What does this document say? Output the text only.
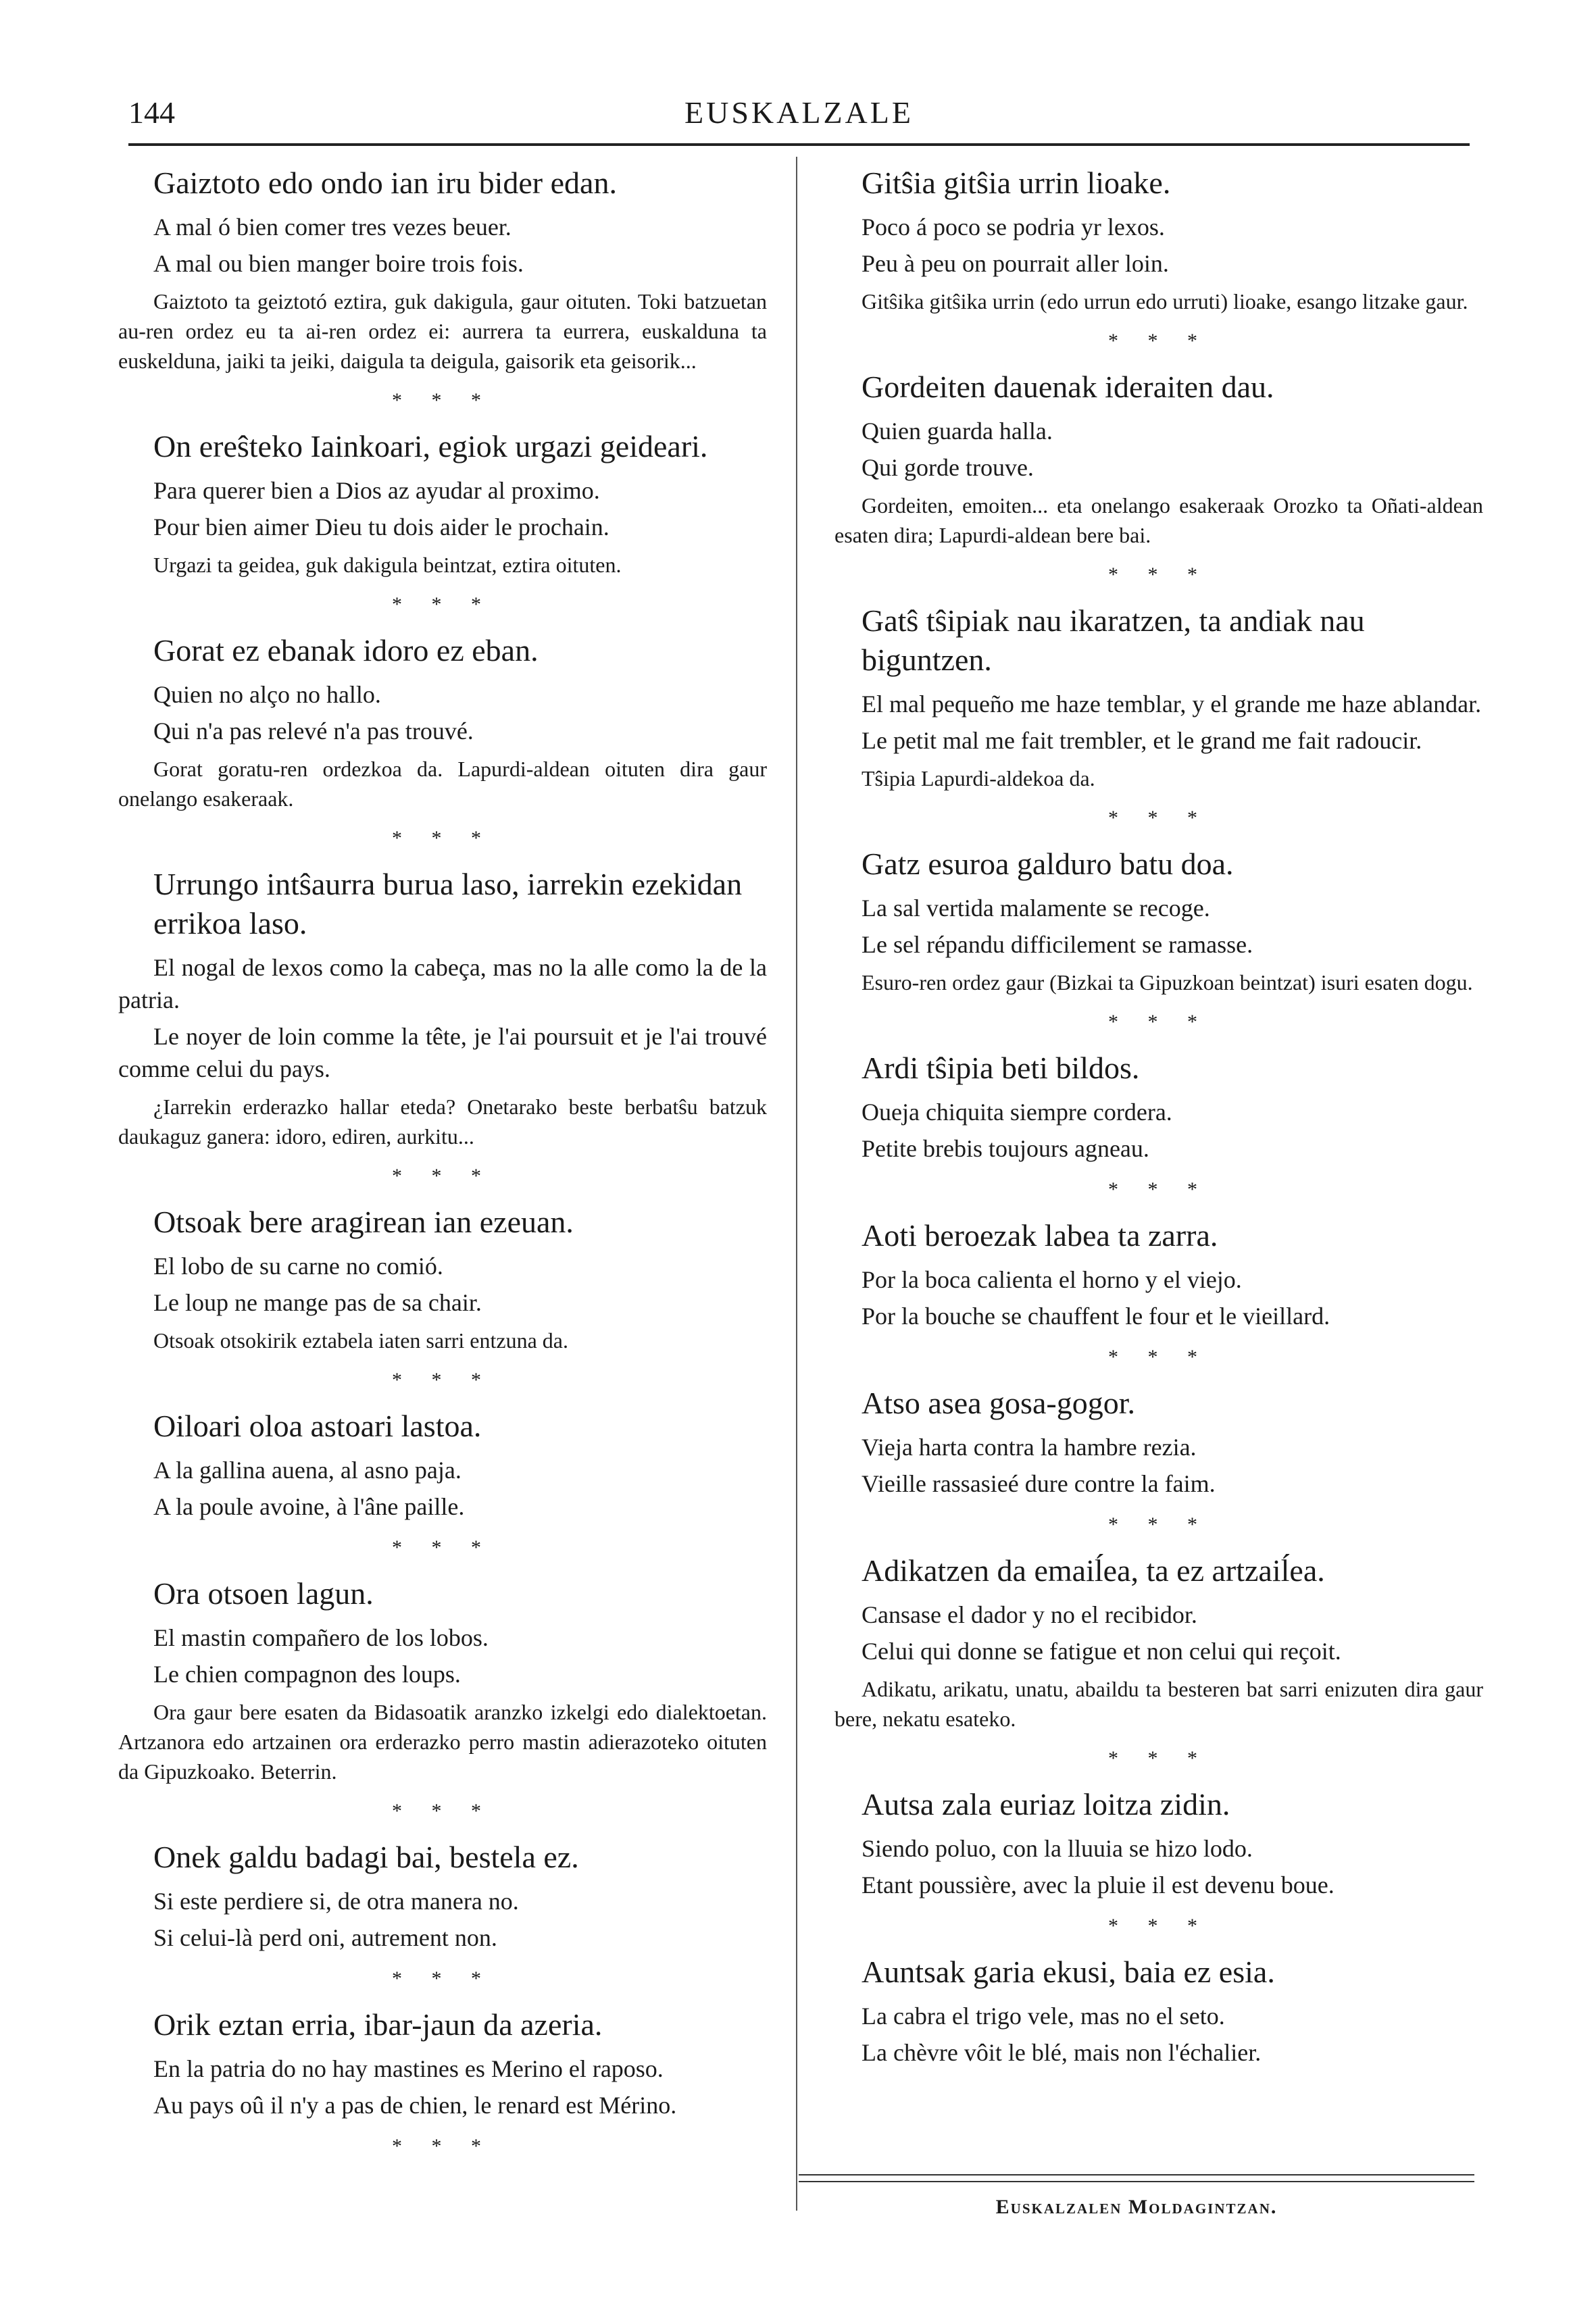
144	EUSKALZALE
Gaiztoto edo ondo ian iru bider edan.
A mal ó bien comer tres vezes beuer.
A mal ou bien manger boire trois fois.
Gaiztoto ta geiztotó eztira, guk dakigula, gaur oituten. Toki batzuetan au-ren ordez eu ta ai-ren ordez ei: aurrera ta eurrera, euskalduna ta euskelduna, jaiki ta jeiki, daigula ta deigula, gaisorik eta geisorik...
* * *
On ereŝteko Iainkoari, egiok urgazi geideari.
Para querer bien a Dios az ayudar al proximo.
Pour bien aimer Dieu tu dois aider le prochain.
Urgazi ta geidea, guk dakigula beintzat, eztira oituten.
* * *
Gorat ez ebanak idoro ez eban.
Quien no alço no hallo.
Qui n'a pas relevé n'a pas trouvé.
Gorat goratu-ren ordezkoa da. Lapurdi-aldean oituten dira gaur onelango esakeraak.
* * *
Urrungo intŝaurra burua laso, iarrekin ezekidan errikoa laso.
El nogal de lexos como la cabeça, mas no la alle como la de la patria.
Le noyer de loin comme la tête, je l'ai poursuit et je l'ai trouvé comme celui du pays.
¿Iarrekin erderazko hallar eteda? Onetarako beste berbatŝu batzuk daukaguz ganera: idoro, ediren, aurkitu...
* * *
Otsoak bere aragirean ian ezeuan.
El lobo de su carne no comió.
Le loup ne mange pas de sa chair.
Otsoak otsokirik eztabela iaten sarri entzuna da.
* * *
Oiloari oloa astoari lastoa.
A la gallina auena, al asno paja.
A la poule avoine, à l'âne paille.
* * *
Ora otsoen lagun.
El mastin compañero de los lobos.
Le chien compagnon des loups.
Ora gaur bere esaten da Bidasoatik aranzko izkelgi edo dialektoetan. Artzanora edo artzainen ora erderazko perro mastin adierazoteko oituten da Gipuzkoako. Beterrin.
* * *
Onek galdu badagi bai, bestela ez.
Si este perdiere si, de otra manera no.
Si celui-là perd oni, autrement non.
* * *
Orik eztan erria, ibar-jaun da azeria.
En la patria do no hay mastines es Merino el raposo.
Au pays oû il n'y a pas de chien, le renard est Mérino.
* * *
Gitŝia gitŝia urrin lioake.
Poco á poco se podria yr lexos.
Peu à peu on pourrait aller loin.
Gitŝika gitŝika urrin (edo urrun edo urruti) lioake, esango litzake gaur.
* * *
Gordeiten dauenak ideraiten dau.
Quien guarda halla.
Qui gorde trouve.
Gordeiten, emoiten... eta onelango esakeraak Orozko ta Oñati-aldean esaten dira; Lapurdi-aldean bere bai.
* * *
Gatŝ tŝipiak nau ikaratzen, ta andiak nau biguntzen.
El mal pequeño me haze temblar, y el grande me haze ablandar.
Le petit mal me fait trembler, et le grand me fait radoucir.
Tŝipia Lapurdi-aldekoa da.
* * *
Gatz esuroa galduro batu doa.
La sal vertida malamente se recoge.
Le sel répandu difficilement se ramasse.
Esuro-ren ordez gaur (Bizkai ta Gipuzkoan beintzat) isuri esaten dogu.
* * *
Ardi tŝipia beti bildos.
Oueja chiquita siempre cordera.
Petite brebis toujours agneau.
* * *
Aoti beroezak labea ta zarra.
Por la boca calienta el horno y el viejo.
Por la bouche se chauffent le four et le vieillard.
* * *
Atso asea gosa-gogor.
Vieja harta contra la hambre rezia.
Vieille rassasieé dure contre la faim.
* * *
Adikatzen da emaiĺea, ta ez artzaiĺea.
Cansase el dador y no el recibidor.
Celui qui donne se fatigue et non celui qui reçoit.
Adikatu, arikatu, unatu, abaildu ta besteren bat sarri enizuten dira gaur bere, nekatu esateko.
* * *
Autsa zala euriaz loitza zidin.
Siendo poluo, con la lluuia se hizo lodo.
Etant poussière, avec la pluie il est devenu boue.
* * *
Auntsak garia ekusi, baia ez esia.
La cabra el trigo vele, mas no el seto.
La chèvre vôit le blé, mais non l'échalier.
Euskalzalen Moldagintzan.
